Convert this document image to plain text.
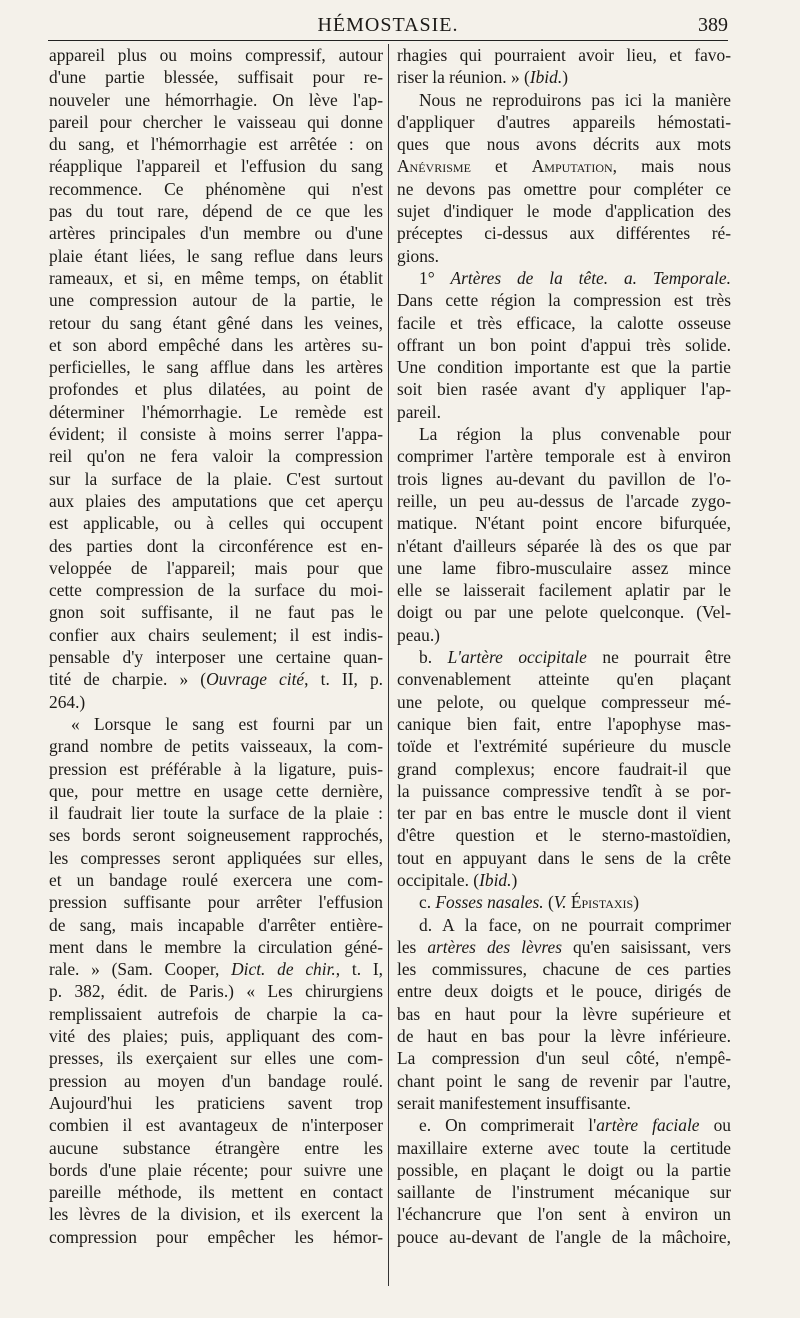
HÉMOSTASIE.	389
appareil plus ou moins compressif, autour
d'une partie blessée, suffisait pour re-
nouveler une hémorrhagie. On lève l'ap-
pareil pour chercher le vaisseau qui donne
du sang, et l'hémorrhagie est arrêtée : on
réapplique l'appareil et l'effusion du sang
recommence. Ce phénomène qui n'est
pas du tout rare, dépend de ce que les
artères principales d'un membre ou d'une
plaie étant liées, le sang reflue dans leurs
rameaux, et si, en même temps, on établit
une compression autour de la partie, le
retour du sang étant gêné dans les veines,
et son abord empêché dans les artères su-
perficielles, le sang afflue dans les artères
profondes et plus dilatées, au point de
déterminer l'hémorrhagie. Le remède est
évident; il consiste à moins serrer l'appa-
reil qu'on ne fera valoir la compression
sur la surface de la plaie. C'est surtout
aux plaies des amputations que cet aperçu
est applicable, ou à celles qui occupent
des parties dont la circonférence est en-
veloppée de l'appareil; mais pour que
cette compression de la surface du moi-
gnon soit suffisante, il ne faut pas le
confier aux chairs seulement; il est indis-
pensable d'y interposer une certaine quan-
tité de charpie. » (Ouvrage cité, t. II, p.
264.)
« Lorsque le sang est fourni par un
grand nombre de petits vaisseaux, la com-
pression est préférable à la ligature, puis-
que, pour mettre en usage cette dernière,
il faudrait lier toute la surface de la plaie :
ses bords seront soigneusement rapprochés,
les compresses seront appliquées sur elles,
et un bandage roulé exercera une com-
pression suffisante pour arrêter l'effusion
de sang, mais incapable d'arrêter entière-
ment dans le membre la circulation géné-
rale. » (Sam. Cooper, Dict. de chir., t. I,
p. 382, édit. de Paris.) « Les chirurgiens
remplissaient autrefois de charpie la ca-
vité des plaies; puis, appliquant des com-
presses, ils exerçaient sur elles une com-
pression au moyen d'un bandage roulé.
Aujourd'hui les praticiens savent trop
combien il est avantageux de n'interposer
aucune substance étrangère entre les
bords d'une plaie récente; pour suivre une
pareille méthode, ils mettent en contact
les lèvres de la division, et ils exercent la
compression pour empêcher les hémor-
rhagies qui pourraient avoir lieu, et favo-
riser la réunion. » (Ibid.)
Nous ne reproduirons pas ici la manière
d'appliquer d'autres appareils hémostati-
ques que nous avons décrits aux mots
Anévrisme et Amputation, mais nous
ne devons pas omettre pour compléter ce
sujet d'indiquer le mode d'application des
préceptes ci-dessus aux différentes ré-
gions.
1° Artères de la tête. a. Temporale.
Dans cette région la compression est très
facile et très efficace, la calotte osseuse
offrant un bon point d'appui très solide.
Une condition importante est que la partie
soit bien rasée avant d'y appliquer l'ap-
pareil.
La région la plus convenable pour
comprimer l'artère temporale est à environ
trois lignes au-devant du pavillon de l'o-
reille, un peu au-dessus de l'arcade zygo-
matique. N'étant point encore bifurquée,
n'étant d'ailleurs séparée là des os que par
une lame fibro-musculaire assez mince
elle se laisserait facilement aplatir par le
doigt ou par une pelote quelconque. (Vel-
peau.)
b. L'artère occipitale ne pourrait être
convenablement atteinte qu'en plaçant
une pelote, ou quelque compresseur mé-
canique bien fait, entre l'apophyse mas-
toïde et l'extrémité supérieure du muscle
grand complexus; encore faudrait-il que
la puissance compressive tendît à se por-
ter par en bas entre le muscle dont il vient
d'être question et le sterno-mastoïdien,
tout en appuyant dans le sens de la crête
occipitale. (Ibid.)
c. Fosses nasales. (V. Épistaxis)
d. A la face, on ne pourrait comprimer
les artères des lèvres qu'en saisissant, vers
les commissures, chacune de ces parties
entre deux doigts et le pouce, dirigés de
bas en haut pour la lèvre supérieure et
de haut en bas pour la lèvre inférieure.
La compression d'un seul côté, n'empê-
chant point le sang de revenir par l'autre,
serait manifestement insuffisante.
e. On comprimerait l'artère faciale ou
maxillaire externe avec toute la certitude
possible, en plaçant le doigt ou la partie
saillante de l'instrument mécanique sur
l'échancrure que l'on sent à environ un
pouce au-devant de l'angle de la mâchoire,
